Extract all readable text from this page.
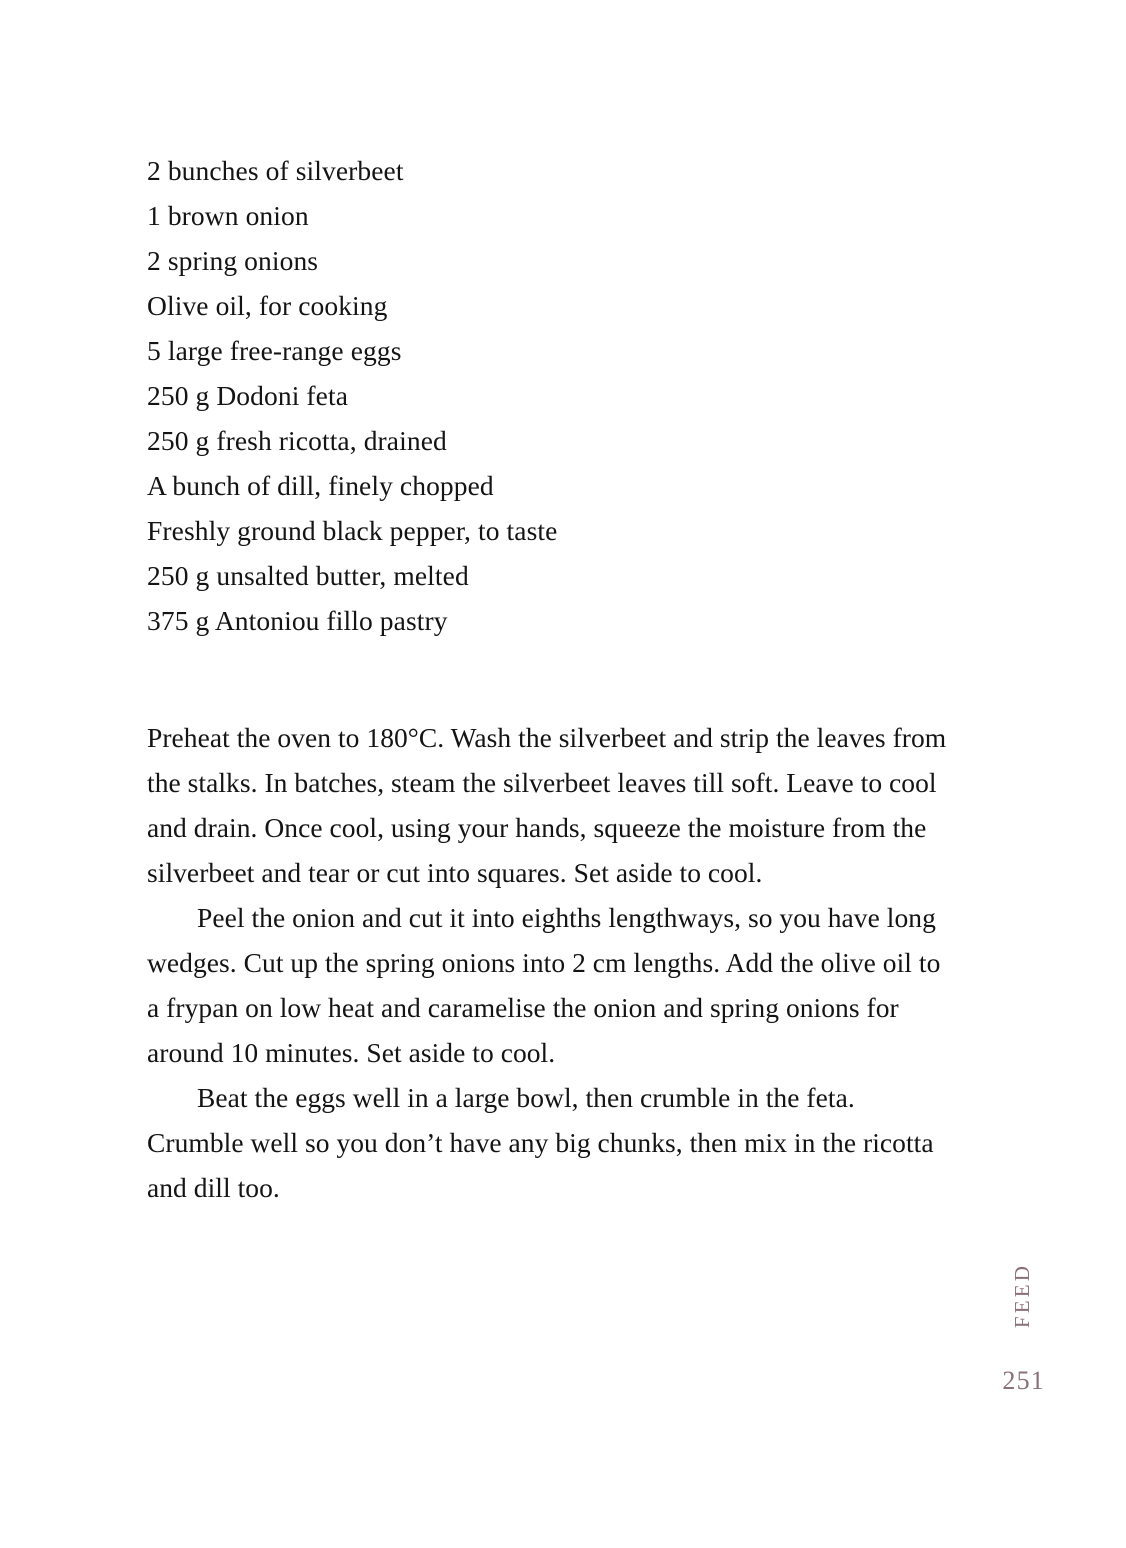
2 bunches of silverbeet
1 brown onion
2 spring onions
Olive oil, for cooking
5 large free-range eggs
250 g Dodoni feta
250 g fresh ricotta, drained
A bunch of dill, finely chopped
Freshly ground black pepper, to taste
250 g unsalted butter, melted
375 g Antoniou fillo pastry

Preheat the oven to 180°C. Wash the silverbeet and strip the leaves from the stalks. In batches, steam the silverbeet leaves till soft. Leave to cool and drain. Once cool, using your hands, squeeze the moisture from the silverbeet and tear or cut into squares. Set aside to cool.

Peel the onion and cut it into eighths lengthways, so you have long wedges. Cut up the spring onions into 2 cm lengths. Add the olive oil to a frypan on low heat and caramelise the onion and spring onions for around 10 minutes. Set aside to cool.

Beat the eggs well in a large bowl, then crumble in the feta. Crumble well so you don’t have any big chunks, then mix in the ricotta and dill too.

FEED
251
